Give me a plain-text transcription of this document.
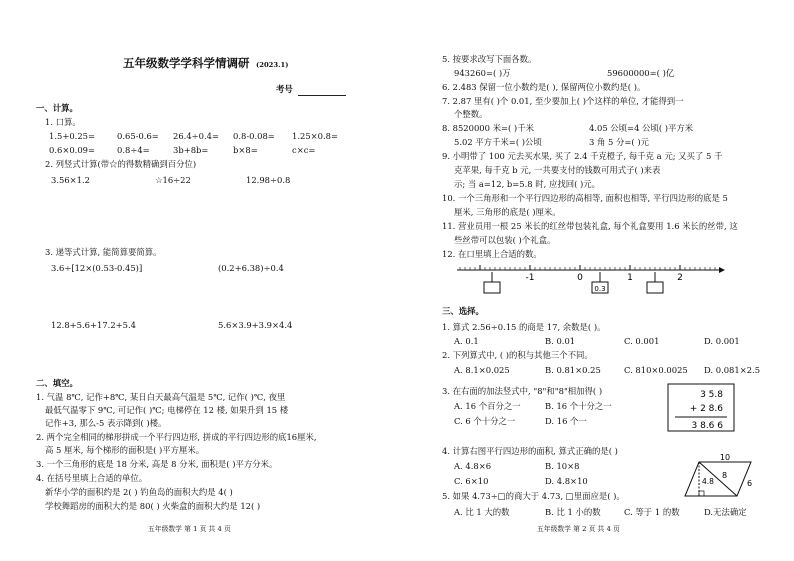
五年级数学学科学情调研 (2023.1)
考号
一、计算。
1. 口算。
1.5+0.25=	0.65-0.6= 26.4÷0.4= 0.8-0.08= 1.25×0.8=
0.6×0.09=	0.8÷4=	3b+8b=	b×8=	c×c=
2. 列竖式计算(带☆的得数精确到百分位)
3.56×1.2	☆16÷22	12.98÷0.8
3. 递等式计算, 能简算要简算。
3.6÷[12×(0.53-0.45)]	(0.2+6.38)÷0.4
12.8+5.6+17.2+5.4	5.6×3.9+3.9×4.4
二、填空。
1. 气温 8℃, 记作+8℃, 某日白天最高气温是 5℃, 记作( )℃, 夜里
最低气温零下 9℃, 可记作( )℃; 电梯停在 12 楼, 如果升到 15 楼
记作+3, 那么-5 表示降到( )楼。
2. 两个完全相同的梯形拼成一个平行四边形, 拼成的平行四边形的底16厘米,
高 5 厘米, 每个梯形的面积是( )平方厘米。
3. 一个三角形的底是 18 分米, 高是 8 分米, 面积是( )平方分米。
4. 在括号里填上合适的单位。
新华小学的面积约是 2( ) 钓鱼岛的面积大约是 4( )
学校舞蹈房的面积大约是 80( ) 火柴盒的面积大约是 12( )
五年级数学 第 1 页 共 4 页
5. 按要求改写下面各数。
943260=( )万	59600000=( )亿
6. 2.483 保留一位小数约是( ), 保留两位小数约是( )。
7. 2.87 里有( )个 0.01, 至少要加上( )个这样的单位, 才能得到一
个整数。
8. 8520000 米=( )千米	4.05 公顷=4 公顷( )平方米
5.02 平方千米=( )公顷	3 角 5 分=( )元
9. 小明带了 100 元去买水果, 买了 2.4 千克橙子, 每千克 a 元; 又买了 5 千
克苹果, 每千克 b 元, 一共要支付的钱数可用式子( )来表
示; 当 a=12, b=5.8 时, 应找回( )元。
10. 一个三角形和一个平行四边形的高相等, 面积也相等, 平行四边形的底是 5
厘米, 三角形的底是( )厘米。
11. 营业员用一根 25 米长的红丝带包装礼盒, 每个礼盒要用 1.6 米长的丝带, 这
些丝带可以包装( )个礼盒。
12. 在口里填上合适的数。
-1	0	1	2
0.3
三、选择。
1. 算式 2.56÷0.15 的商是 17, 余数是( )。
A. 0.1	B. 0.01	C. 0.001	D. 0.001
2. 下列算式中, ( )的积与其他三个不同。
A. 8.1×0.025	B. 0.81×0.25	C. 810×0.0025 D. 0.081×2.5
3. 在右面的加法竖式中, "8"和"8"相加得( )
A. 16 个百分之一	B. 16 个十分之一
C. 6 个十分之一	D. 16 个一
3 5.8
+ 2 8.6
3 8.6 6
4. 计算右图平行四边形的面积, 算式正确的是( )
A. 4.8×6	B. 10×8
C. 6×10	D. 4.8×10
10
8
4.8	6
5. 如果 4.73÷□的商大于 4.73, □里面应是( )。
A. 比 1 大的数	B. 比 1 小的数	C. 等于 1 的数	D.无法确定
五年级数学 第 2 页 共 4 页
